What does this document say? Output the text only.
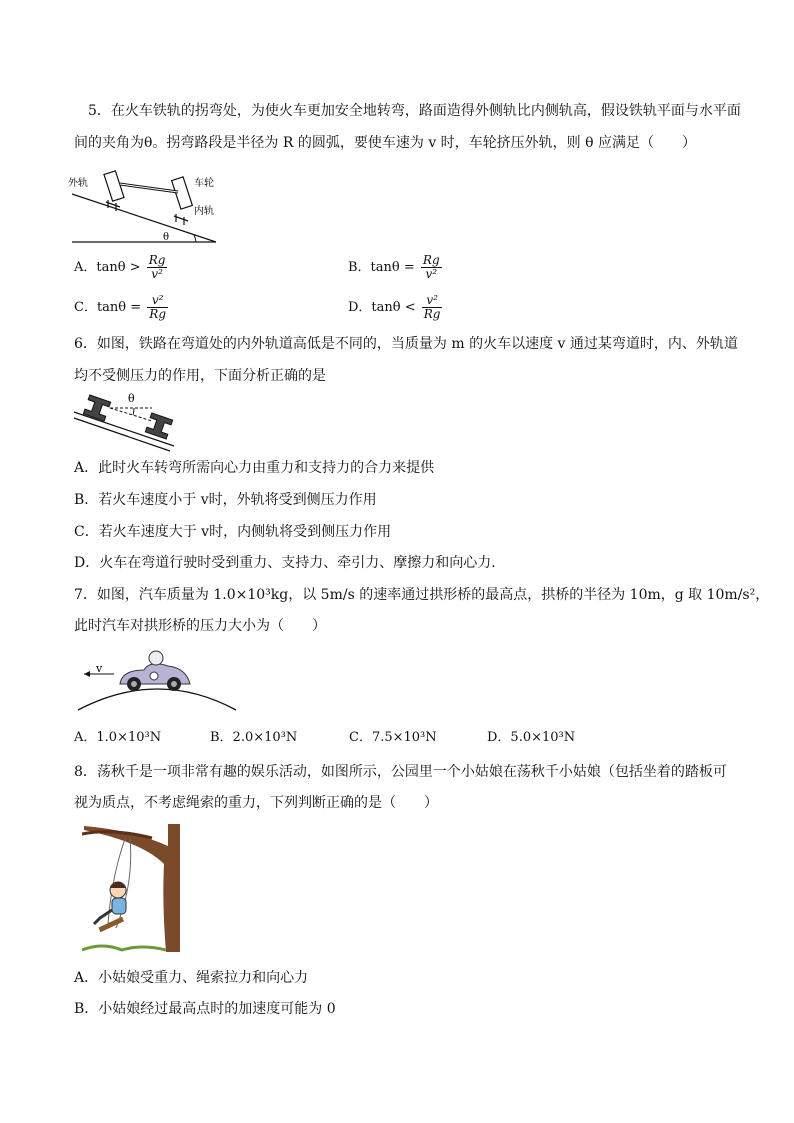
5．在火车铁轨的拐弯处，为使火车更加安全地转弯，路面造得外侧轨比内侧轨高，假设铁轨平面与水平面
间的夹角为θ。拐弯路段是半径为 R 的圆弧，要使车速为 v 时，车轮挤压外轨，则 θ 应满足（　　）
外轨	车轮
内轨
θ
A．$\tan\theta > \frac{Rg}{\text{v²}}$	B．$\tan\theta = \frac{Rg}{\text{v²}}$
C．$\tan\theta = \frac{\text{v²}}{Rg}$	D．$\tan\theta < \frac{\text{v²}}{Rg}$
6．如图，铁路在弯道处的内外轨道高低是不同的，当质量为 m 的火车以速度 v 通过某弯道时，内、外轨道
均不受侧压力的作用，下面分析正确的是
θ
A．此时火车转弯所需向心力由重力和支持力的合力来提供
B．若火车速度小于 v时，外轨将受到侧压力作用
C．若火车速度大于 v时，内侧轨将受到侧压力作用
D．火车在弯道行驶时受到重力、支持力、牵引力、摩擦力和向心力．
7．如图，汽车质量为 1.0×10³kg，以 5m/s 的速率通过拱形桥的最高点，拱桥的半径为 10m，g 取 10m/s²，
此时汽车对拱形桥的压力大小为（　　）
v
A．1.0×10³N	B．2.0×10³N	C．7.5×10³N	D．5.0×10³N
8．荡秋千是一项非常有趣的娱乐活动，如图所示，公园里一个小姑娘在荡秋千小姑娘（包括坐着的踏板可
视为质点，不考虑绳索的重力，下列判断正确的是（　　）
A．小姑娘受重力、绳索拉力和向心力
B．小姑娘经过最高点时的加速度可能为 0
